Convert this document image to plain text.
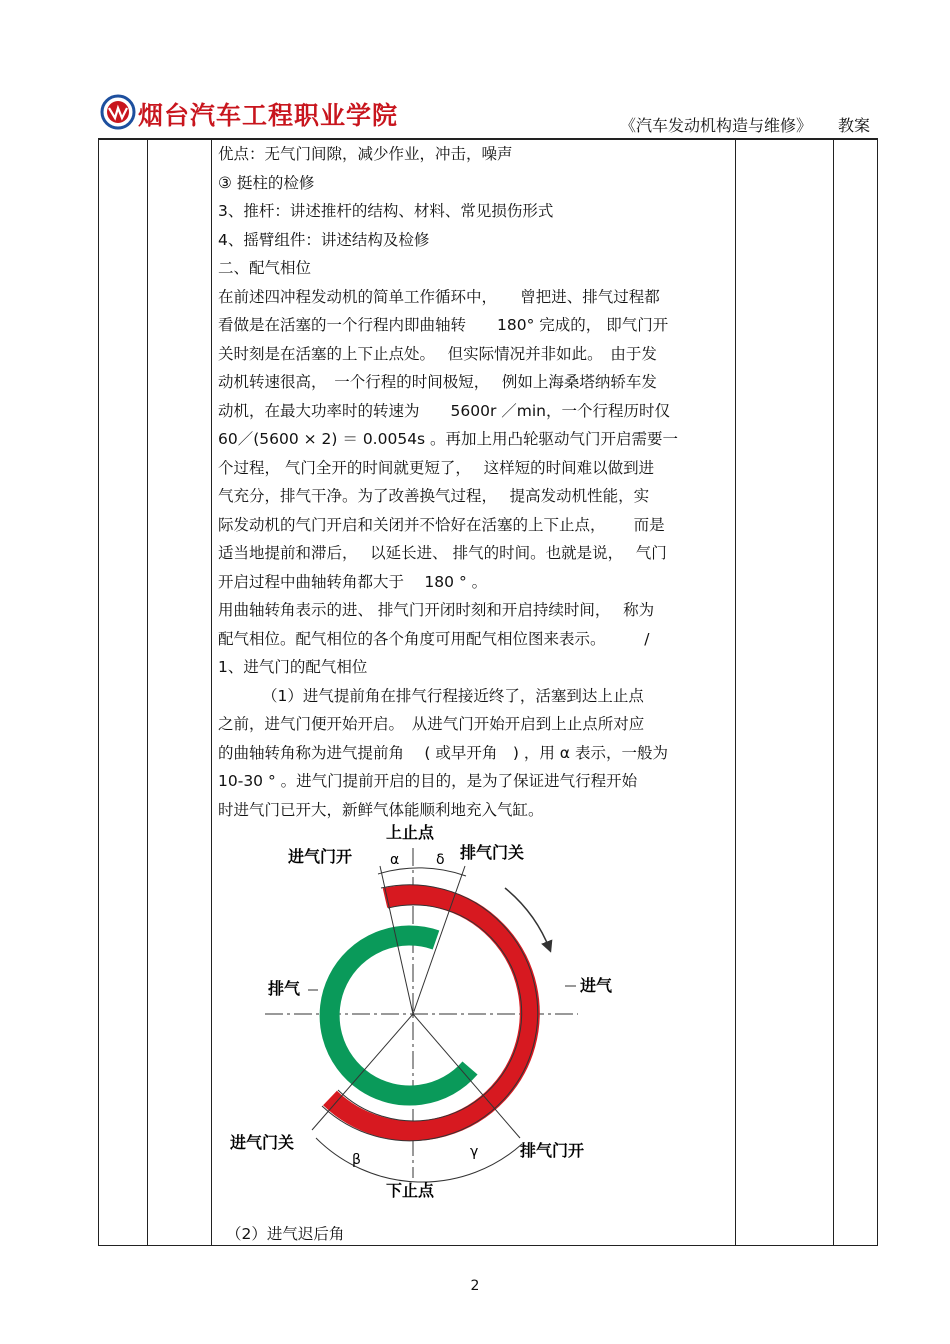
烟台汽车工程职业学院	《汽车发动机构造与维修》 教案
优点：无气门间隙，减少作业，冲击，噪声
③ 挺柱的检修
3、推杆：讲述推杆的结构、材料、常见损伤形式
4、摇臂组件：讲述结构及检修
二、配气相位
在前述四冲程发动机的简单工作循环中，　　曾把进、排气过程都
看做是在活塞的一个行程内即曲轴转　　180° 完成的， 即气门开
关时刻是在活塞的上下止点处。　 但实际情况并非如此。　由于发
动机转速很高，　一个行程的时间极短，　 例如上海桑塔纳轿车发
动机，在最大功率时的转速为　　5600r ／min，一个行程历时仅
60／(5600 × 2) ＝ 0.0054s 。再加上用凸轮驱动气门开启需要一
个过程， 气门全开的时间就更短了，　 这样短的时间难以做到进
气充分，排气干净。为了改善换气过程，　 提高发动机性能，实
际发动机的气门开启和关闭并不恰好在活塞的上下止点，　　 而是
适当地提前和滞后，　 以延长进、 排气的时间。也就是说，　 气门
开启过程中曲轴转角都大于　 180 ° 。
用曲轴转角表示的进、 排气门开闭时刻和开启持续时间，　 称为
配气相位。配气相位的各个角度可用配气相位图来表示。　　　/
1、进气门的配气相位
（1）进气提前角在排气行程接近终了，活塞到达上止点
之前，进气门便开始开启。　从进气门开始开启到上止点所对应
的曲轴转角称为进气提前角　 ( 或早开角　) ，用 α 表示，一般为
10-30 ° 。进气门提前开启的目的，是为了保证进气行程开始
时进气门已开大，新鲜气体能顺利地充入气缸。
上止点
下止点
进气门开	排气门关
α	δ
排气	进气
进气门关	排气门开
β	γ
（2）进气迟后角
2
